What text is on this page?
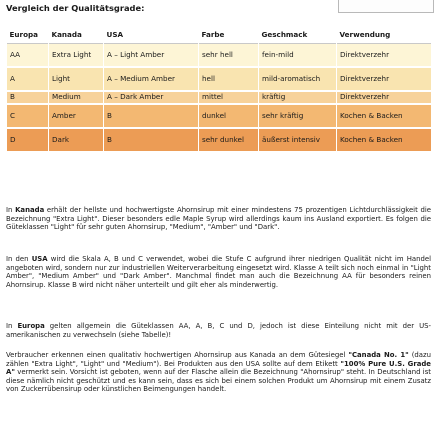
Vergleich der Qualitätsgrade:
Europa	Kanada	USA	Farbe	Geschmack	Verwendung
AA	Extra Light	A – Light Amber	sehr hell	fein-mild	Direktverzehr
A	Light	A – Medium Amber	hell	mild-aromatisch	Direktverzehr
B	Medium	A – Dark Amber	mittel	kräftig	Direktverzehr
C	Amber	B	dunkel	sehr kräftig	Kochen & Backen
D	Dark	B	sehr dunkel	äußerst intensiv	Kochen & Backen

In Kanada erhält der hellste und hochwertigste Ahornsirup mit einer mindestens 75 prozentigen Lichtdurchlässigkeit die Bezeichnung "Extra Light". Dieser besonders edle Maple Syrup wird allerdings kaum ins Ausland exportiert. Es folgen die Güteklassen "Light" für sehr guten Ahornsirup, "Medium", "Amber" und "Dark".

In den USA wird die Skala A, B und C verwendet, wobei die Stufe C aufgrund ihrer niedrigen Qualität nicht im Handel angeboten wird, sondern nur zur industriellen Weiterverarbeitung eingesetzt wird. Klasse A teilt sich noch einmal in "Light Amber", "Medium Amber" und "Dark Amber". Manchmal findet man auch die Bezeichnung AA für besonders reinen Ahornsirup. Klasse B wird nicht näher unterteilt und gilt eher als minderwertig.

In Europa gelten allgemein die Güteklassen AA, A, B, C und D, jedoch ist diese Einteilung nicht mit der US-amerikanischen zu verwechseln (siehe Tabelle)!

Verbraucher erkennen einen qualitativ hochwertigen Ahornsirup aus Kanada an dem Gütesiegel "Canada No. 1" (dazu zählen "Extra Light", "Light" und "Medium"). Bei Produkten aus den USA sollte auf dem Etikett "100% Pure U.S. Grade A" vermerkt sein. Vorsicht ist geboten, wenn auf der Flasche allein die Bezeichnung "Ahornsirup" steht. In Deutschland ist diese nämlich nicht geschützt und es kann sein, dass es sich bei einem solchen Produkt um Ahornsirup mit einem Zusatz von Zuckerrübensirup oder künstlichen Beimengungen handelt.
